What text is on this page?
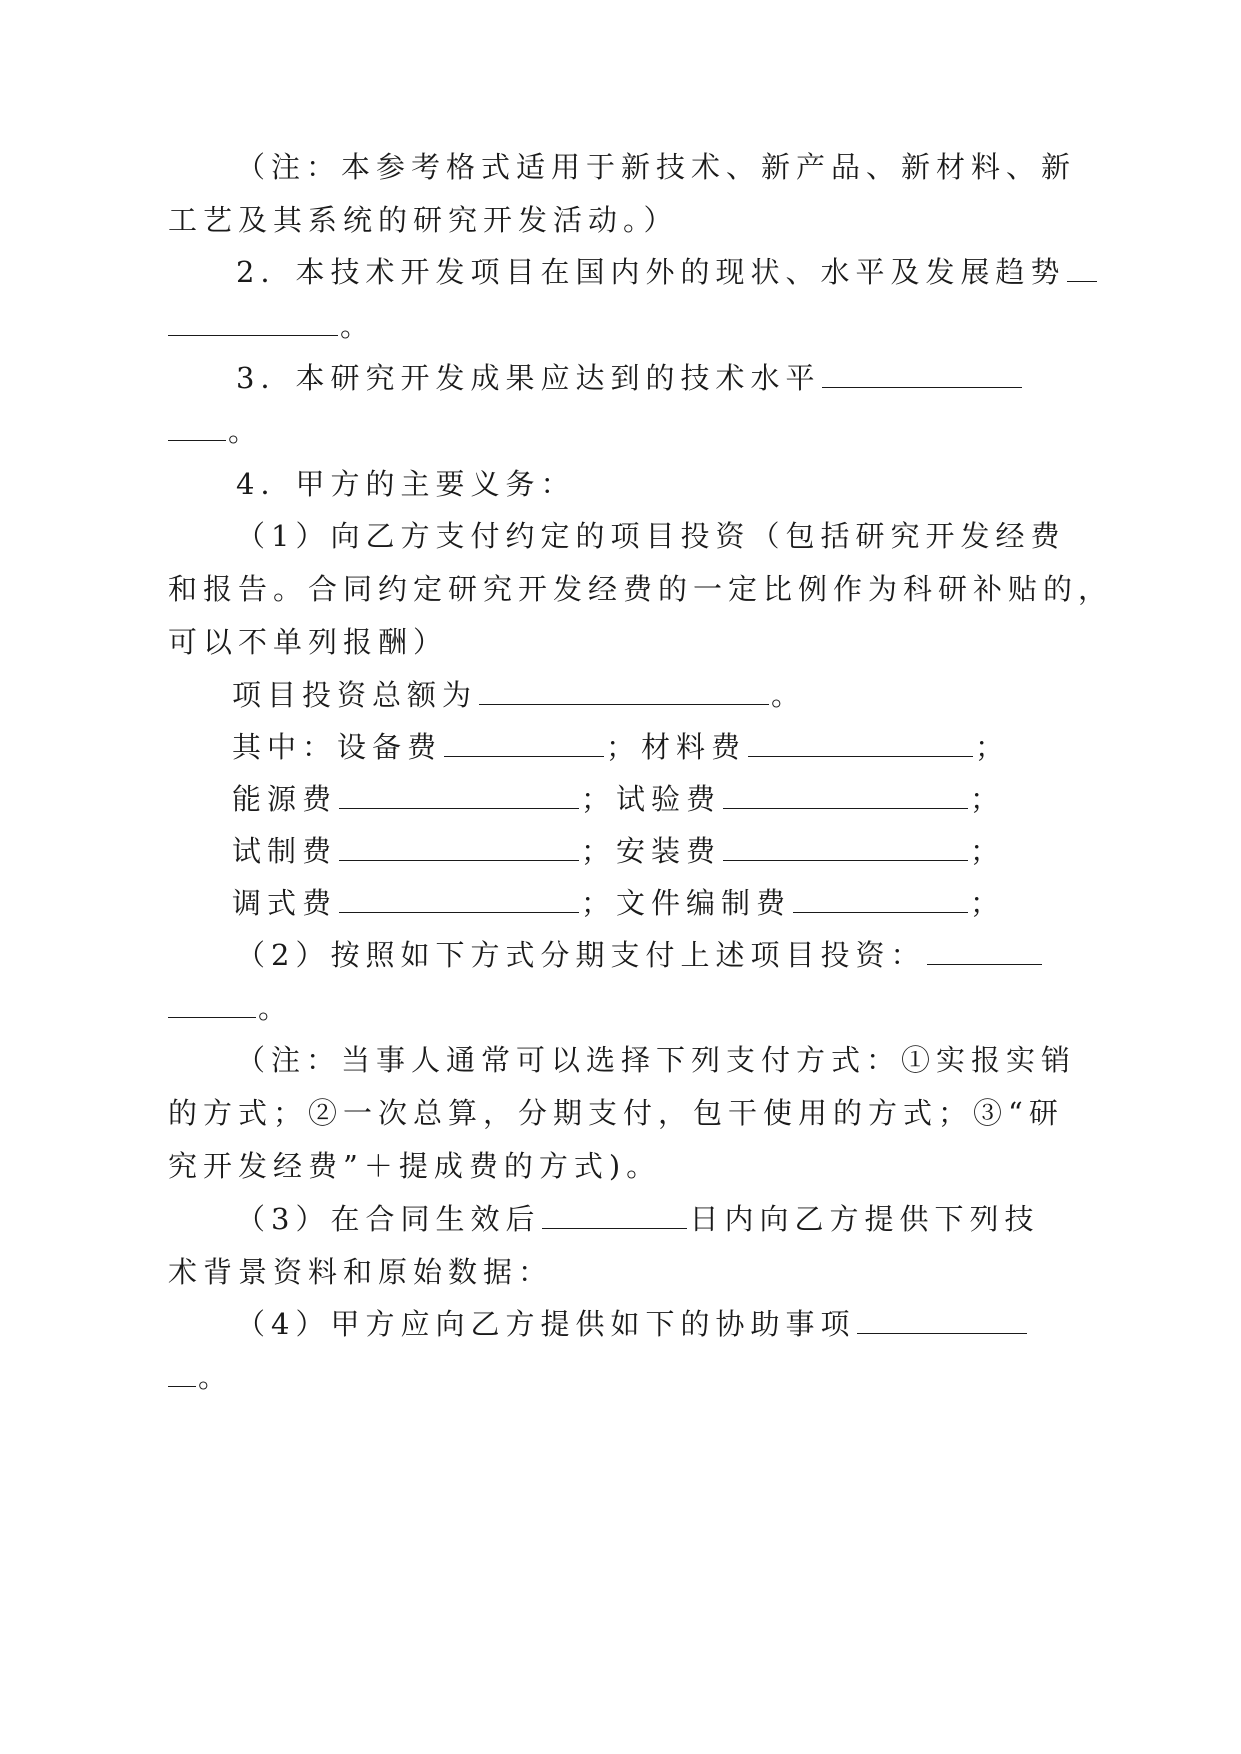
（注：本参考格式适用于新技术、新产品、新材料、新
工艺及其系统的研究开发活动。）
2．本技术开发项目在国内外的现状、水平及发展趋势
。
3．本研究开发成果应达到的技术水平
。
4．甲方的主要义务：
（1）向乙方支付约定的项目投资（包括研究开发经费
和报告。合同约定研究开发经费的一定比例作为科研补贴的，
可以不单列报酬）
项目投资总额为	。
其中：设备费	；材料费	；
能源费	；试验费	；
试制费	；安装费	；
调式费	；文件编制费	；
（2）按照如下方式分期支付上述项目投资：
。
（注：当事人通常可以选择下列支付方式：①实报实销
的方式；②一次总算，分期支付，包干使用的方式；③“研
究开发经费”＋提成费的方式)。
（3）在合同生效后	日内向乙方提供下列技
术背景资料和原始数据：
（4）甲方应向乙方提供如下的协助事项
。
